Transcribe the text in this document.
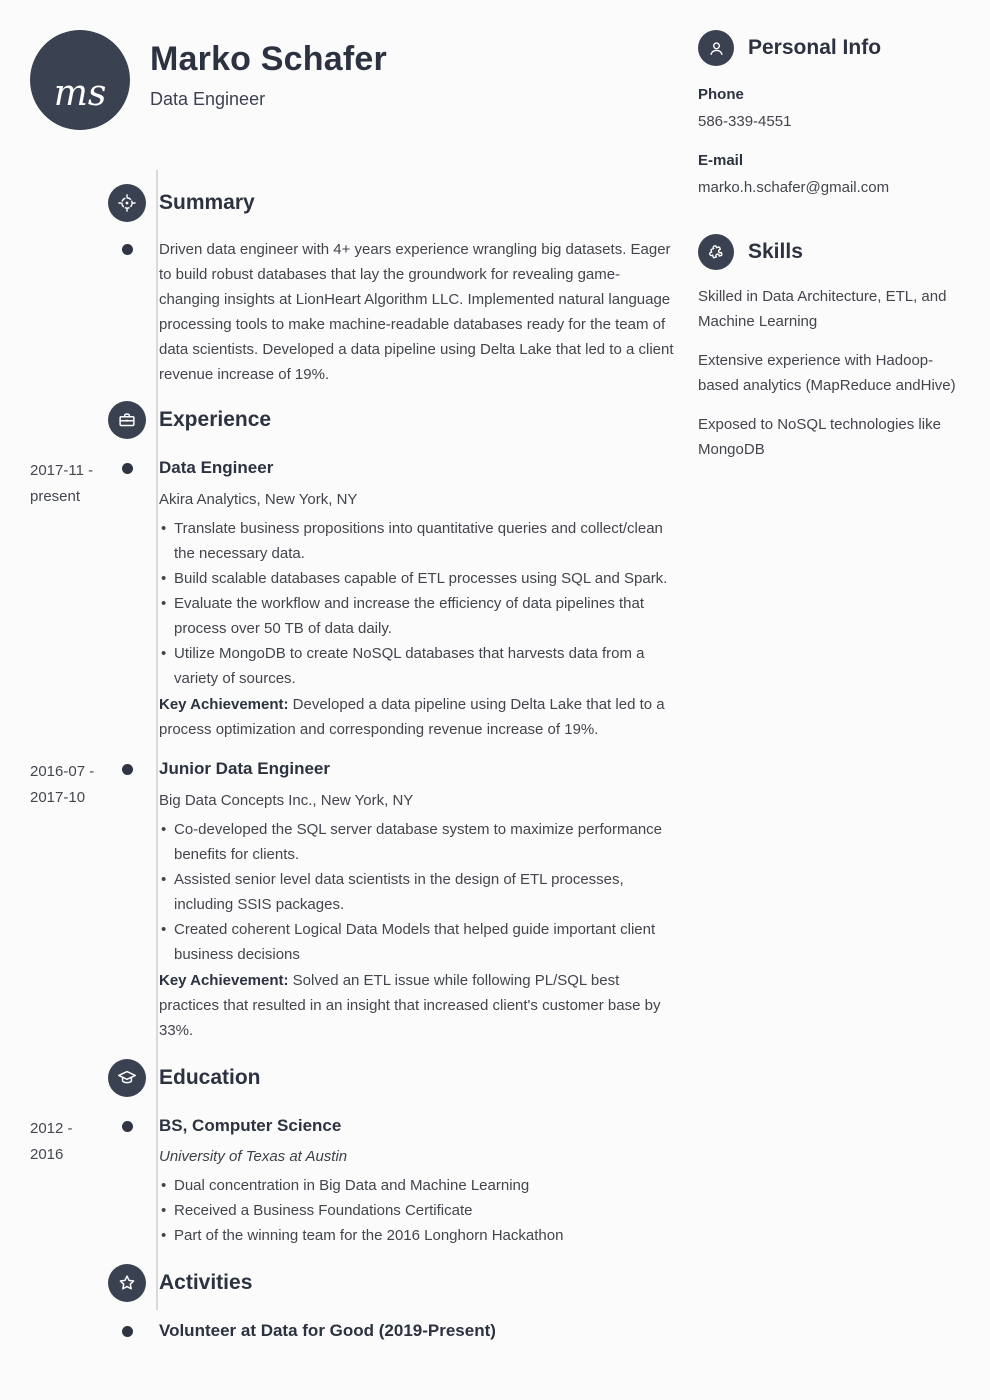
ms
Marko Schafer
Data Engineer
Summary

Driven data engineer with 4+ years experience wrangling big datasets. Eager to build robust databases that lay the groundwork for revealing game-changing insights at LionHeart Algorithm LLC. Implemented natural language processing tools to make machine-readable databases ready for the team of data scientists. Developed a data pipeline using Delta Lake that led to a client revenue increase of 19%.

Experience
2017-11 -
present
Data Engineer
Akira Analytics, New York, NY
• Translate business propositions into quantitative queries and collect/clean the necessary data.
• Build scalable databases capable of ETL processes using SQL and Spark.
• Evaluate the workflow and increase the efficiency of data pipelines that process over 50 TB of data daily.
• Utilize MongoDB to create NoSQL databases that harvests data from a variety of sources.

Key Achievement: Developed a data pipeline using Delta Lake that led to a process optimization and corresponding revenue increase of 19%.

2016-07 -
2017-10
Junior Data Engineer
Big Data Concepts Inc., New York, NY
• Co-developed the SQL server database system to maximize performance benefits for clients.
• Assisted senior level data scientists in the design of ETL processes, including SSIS packages.
• Created coherent Logical Data Models that helped guide important client business decisions

Key Achievement: Solved an ETL issue while following PL/SQL best practices that resulted in an insight that increased client's customer base by 33%.

Education
2012 -
2016
BS, Computer Science
University of Texas at Austin
• Dual concentration in Big Data and Machine Learning
• Received a Business Foundations Certificate
• Part of the winning team for the 2016 Longhorn Hackathon
Activities
Volunteer at Data for Good (2019-Present)
Personal Info
Phone
586-339-4551
E-mail
marko.h.schafer@gmail.com
Skills

Skilled in Data Architecture, ETL, and Machine Learning

Extensive experience with Hadoop-based analytics (MapReduce andHive)

Exposed to NoSQL technologies like MongoDB
